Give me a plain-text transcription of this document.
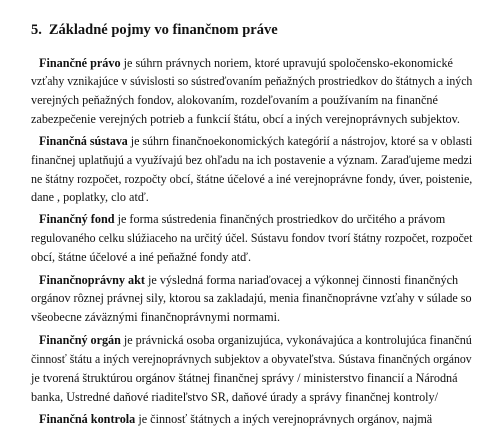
5. Základné pojmy vo finančnom práve
Finančné právo je súhrn právnych noriem, ktoré upravujú spoločensko-ekonomické
vzťahy vznikajúce v súvislosti so sústreďovaním peňažných prostriedkov do štátnych a iných
verejných peňažných fondov, alokovaním, rozdeľovaním a používaním na finančné
zabezpečenie verejných potrieb a funkcií štátu, obcí a iných verejnoprávnych subjektov.
Finančná sústava je súhrn finančnoekonomických kategórií a nástrojov, ktoré sa v oblasti
finančnej uplatňujú a využívajú bez ohľadu na ich postavenie a význam. Zaraďujeme medzi
ne štátny rozpočet, rozpočty obcí, štátne účelové a iné verejnoprávne fondy, úver, poistenie,
dane , poplatky, clo atď.
Finančný fond je forma sústredenia finančných prostriedkov do určitého a právom
regulovaného celku slúžiaceho na určitý účel. Sústavu fondov tvorí štátny rozpočet, rozpočet
obcí, štátne účelové a iné peňažné fondy atď.
Finančnoprávny akt je výsledná forma nariaďovacej a výkonnej činnosti finančných
orgánov rôznej právnej sily, ktorou sa zakladajú, menia finančnoprávne vzťahy v súlade so
všeobecne záväznými finančnoprávnymi normami.
Finančný orgán je právnická osoba organizujúca, vykonávajúca a kontrolujúca finančnú
činnosť štátu a iných verejnoprávnych subjektov a obyvateľstva. Sústava finančných orgánov
je tvorená štruktúrou orgánov štátnej finančnej správy / ministerstvo financií a Národná
banka, Ustredné daňové riaditeľstvo SR, daňové úrady a správy finančnej kontroly/
Finančná kontrola je činnosť štátnych a iných verejnoprávnych orgánov, najmä
